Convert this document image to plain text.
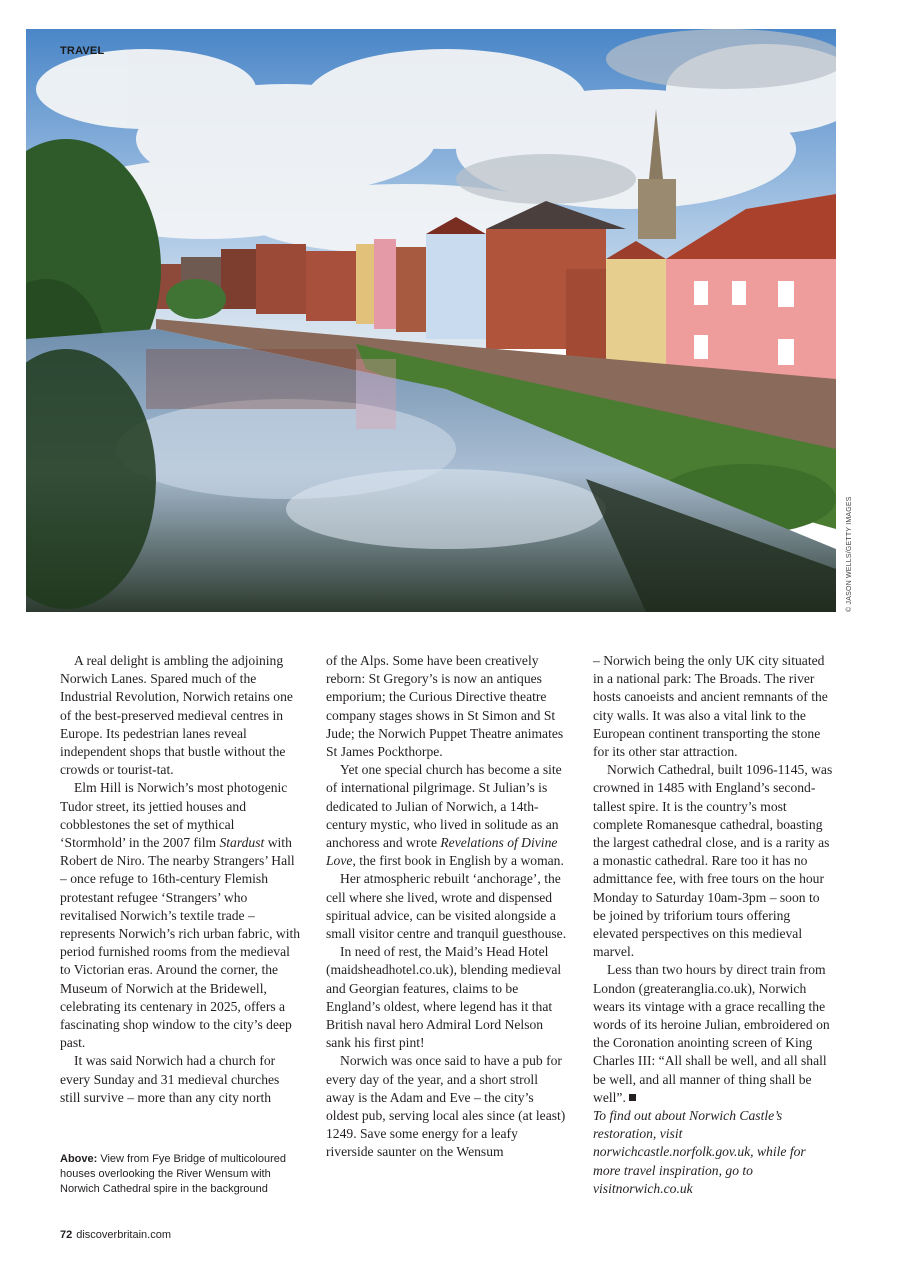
TRAVEL
© JASON WELLS/GETTY IMAGES

A real delight is ambling the adjoining Norwich Lanes. Spared much of the Industrial Revolution, Norwich retains one of the best-preserved medieval centres in Europe. Its pedestrian lanes reveal independent shops that bustle without the crowds or tourist-tat.

Elm Hill is Norwich’s most photogenic Tudor street, its jettied houses and cobblestones the set of mythical ‘Stormhold’ in the 2007 film Stardust with Robert de Niro. The nearby Strangers’ Hall – once refuge to 16th-century Flemish protestant refugee ‘Strangers’ who revitalised Norwich’s textile trade – represents Norwich’s rich urban fabric, with period furnished rooms from the medieval to Victorian eras. Around the corner, the Museum of Norwich at the Bridewell, celebrating its centenary in 2025, offers a fascinating shop window to the city’s deep past.

It was said Norwich had a church for every Sunday and 31 medieval churches still survive – more than any city north

of the Alps. Some have been creatively reborn: St Gregory’s is now an antiques emporium; the Curious Directive theatre company stages shows in St Simon and St Jude; the Norwich Puppet Theatre animates St James Pockthorpe.

Yet one special church has become a site of international pilgrimage. St Julian’s is dedicated to Julian of Norwich, a 14th-century mystic, who lived in solitude as an anchoress and wrote Revelations of Divine Love, the first book in English by a woman.

Her atmospheric rebuilt ‘anchorage’, the cell where she lived, wrote and dispensed spiritual advice, can be visited alongside a small visitor centre and tranquil guesthouse.

In need of rest, the Maid’s Head Hotel (maidsheadhotel.co.uk), blending medieval and Georgian features, claims to be England’s oldest, where legend has it that British naval hero Admiral Lord Nelson sank his first pint!

Norwich was once said to have a pub for every day of the year, and a short stroll away is the Adam and Eve – the city’s oldest pub, serving local ales since (at least) 1249. Save some energy for a leafy riverside saunter on the Wensum

– Norwich being the only UK city situated in a national park: The Broads. The river hosts canoeists and ancient remnants of the city walls. It was also a vital link to the European continent transporting the stone for its other star attraction.

Norwich Cathedral, built 1096-1145, was crowned in 1485 with England’s second-tallest spire. It is the country’s most complete Romanesque cathedral, boasting the largest cathedral close, and is a rarity as a monastic cathedral. Rare too it has no admittance fee, with free tours on the hour Monday to Saturday 10am-3pm – soon to be joined by triforium tours offering elevated perspectives on this medieval marvel.

Less than two hours by direct train from London (greateranglia.co.uk), Norwich wears its vintage with a grace recalling the words of its heroine Julian, embroidered on the Coronation anointing screen of King Charles III: “All shall be well, and all shall be well, and all manner of thing shall be well”.

To find out about Norwich Castle’s restoration, visit norwichcastle.norfolk.gov.uk, while for more travel inspiration, go to visitnorwich.co.uk

Above: View from Fye Bridge of multicoloured houses overlooking the River Wensum with Norwich Cathedral spire in the background
72 discoverbritain.com
